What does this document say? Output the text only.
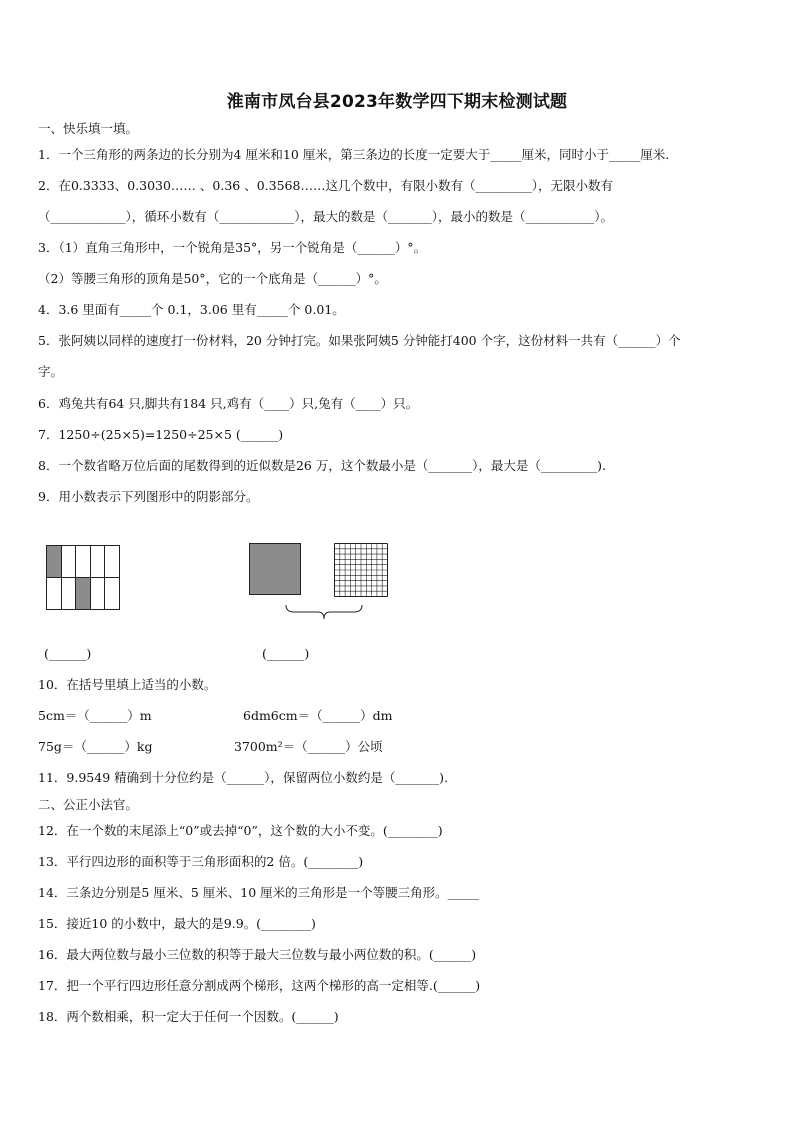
淮南市凤台县2023年数学四下期末检测试题
一、快乐填一填。
1．一个三角形的两条边的长分别为4 厘米和10 厘米，第三条边的长度一定要大于_____厘米，同时小于_____厘米.
2．在0.3333、0.3030…… 、0.36 、0.3568……这几个数中，有限小数有（_________），无限小数有
（____________），循环小数有（____________），最大的数是（_______），最小的数是（___________）。
3．（1）直角三角形中，一个锐角是35°，另一个锐角是（______）°。
（2）等腰三角形的顶角是50°，它的一个底角是（______）°。
4．3.6 里面有_____个 0.1，3.06 里有_____个 0.01。
5．张阿姨以同样的速度打一份材料，20 分钟打完。如果张阿姨5 分钟能打400 个字，这份材料一共有（______）个
字。
6．鸡兔共有64 只,脚共有184 只,鸡有（____）只,兔有（____）只。
7．1250÷(25×5)=1250÷25×5 (______)
8．一个数省略万位后面的尾数得到的近似数是26 万，这个数最小是（_______），最大是（_________).
9．用小数表示下列图形中的阴影部分。
(______)	(______)
10．在括号里填上适当的小数。
5cm＝（______）m	6dm6cm＝（______）dm
75g＝（______）kg	3700m²＝（______）公顷
11．9.9549 精确到十分位约是（______），保留两位小数约是（_______).
二、公正小法官。
12．在一个数的末尾添上“0”或去掉“0”，这个数的大小不变。(________)
13．平行四边形的面积等于三角形面积的2 倍。(________)
14．三条边分别是5 厘米、5 厘米、10 厘米的三角形是一个等腰三角形。_____
15．接近10 的小数中，最大的是9.9。(________)
16．最大两位数与最小三位数的积等于最大三位数与最小两位数的积。(______)
17．把一个平行四边形任意分割成两个梯形，这两个梯形的高一定相等.(______)
18．两个数相乘，积一定大于任何一个因数。(______)
